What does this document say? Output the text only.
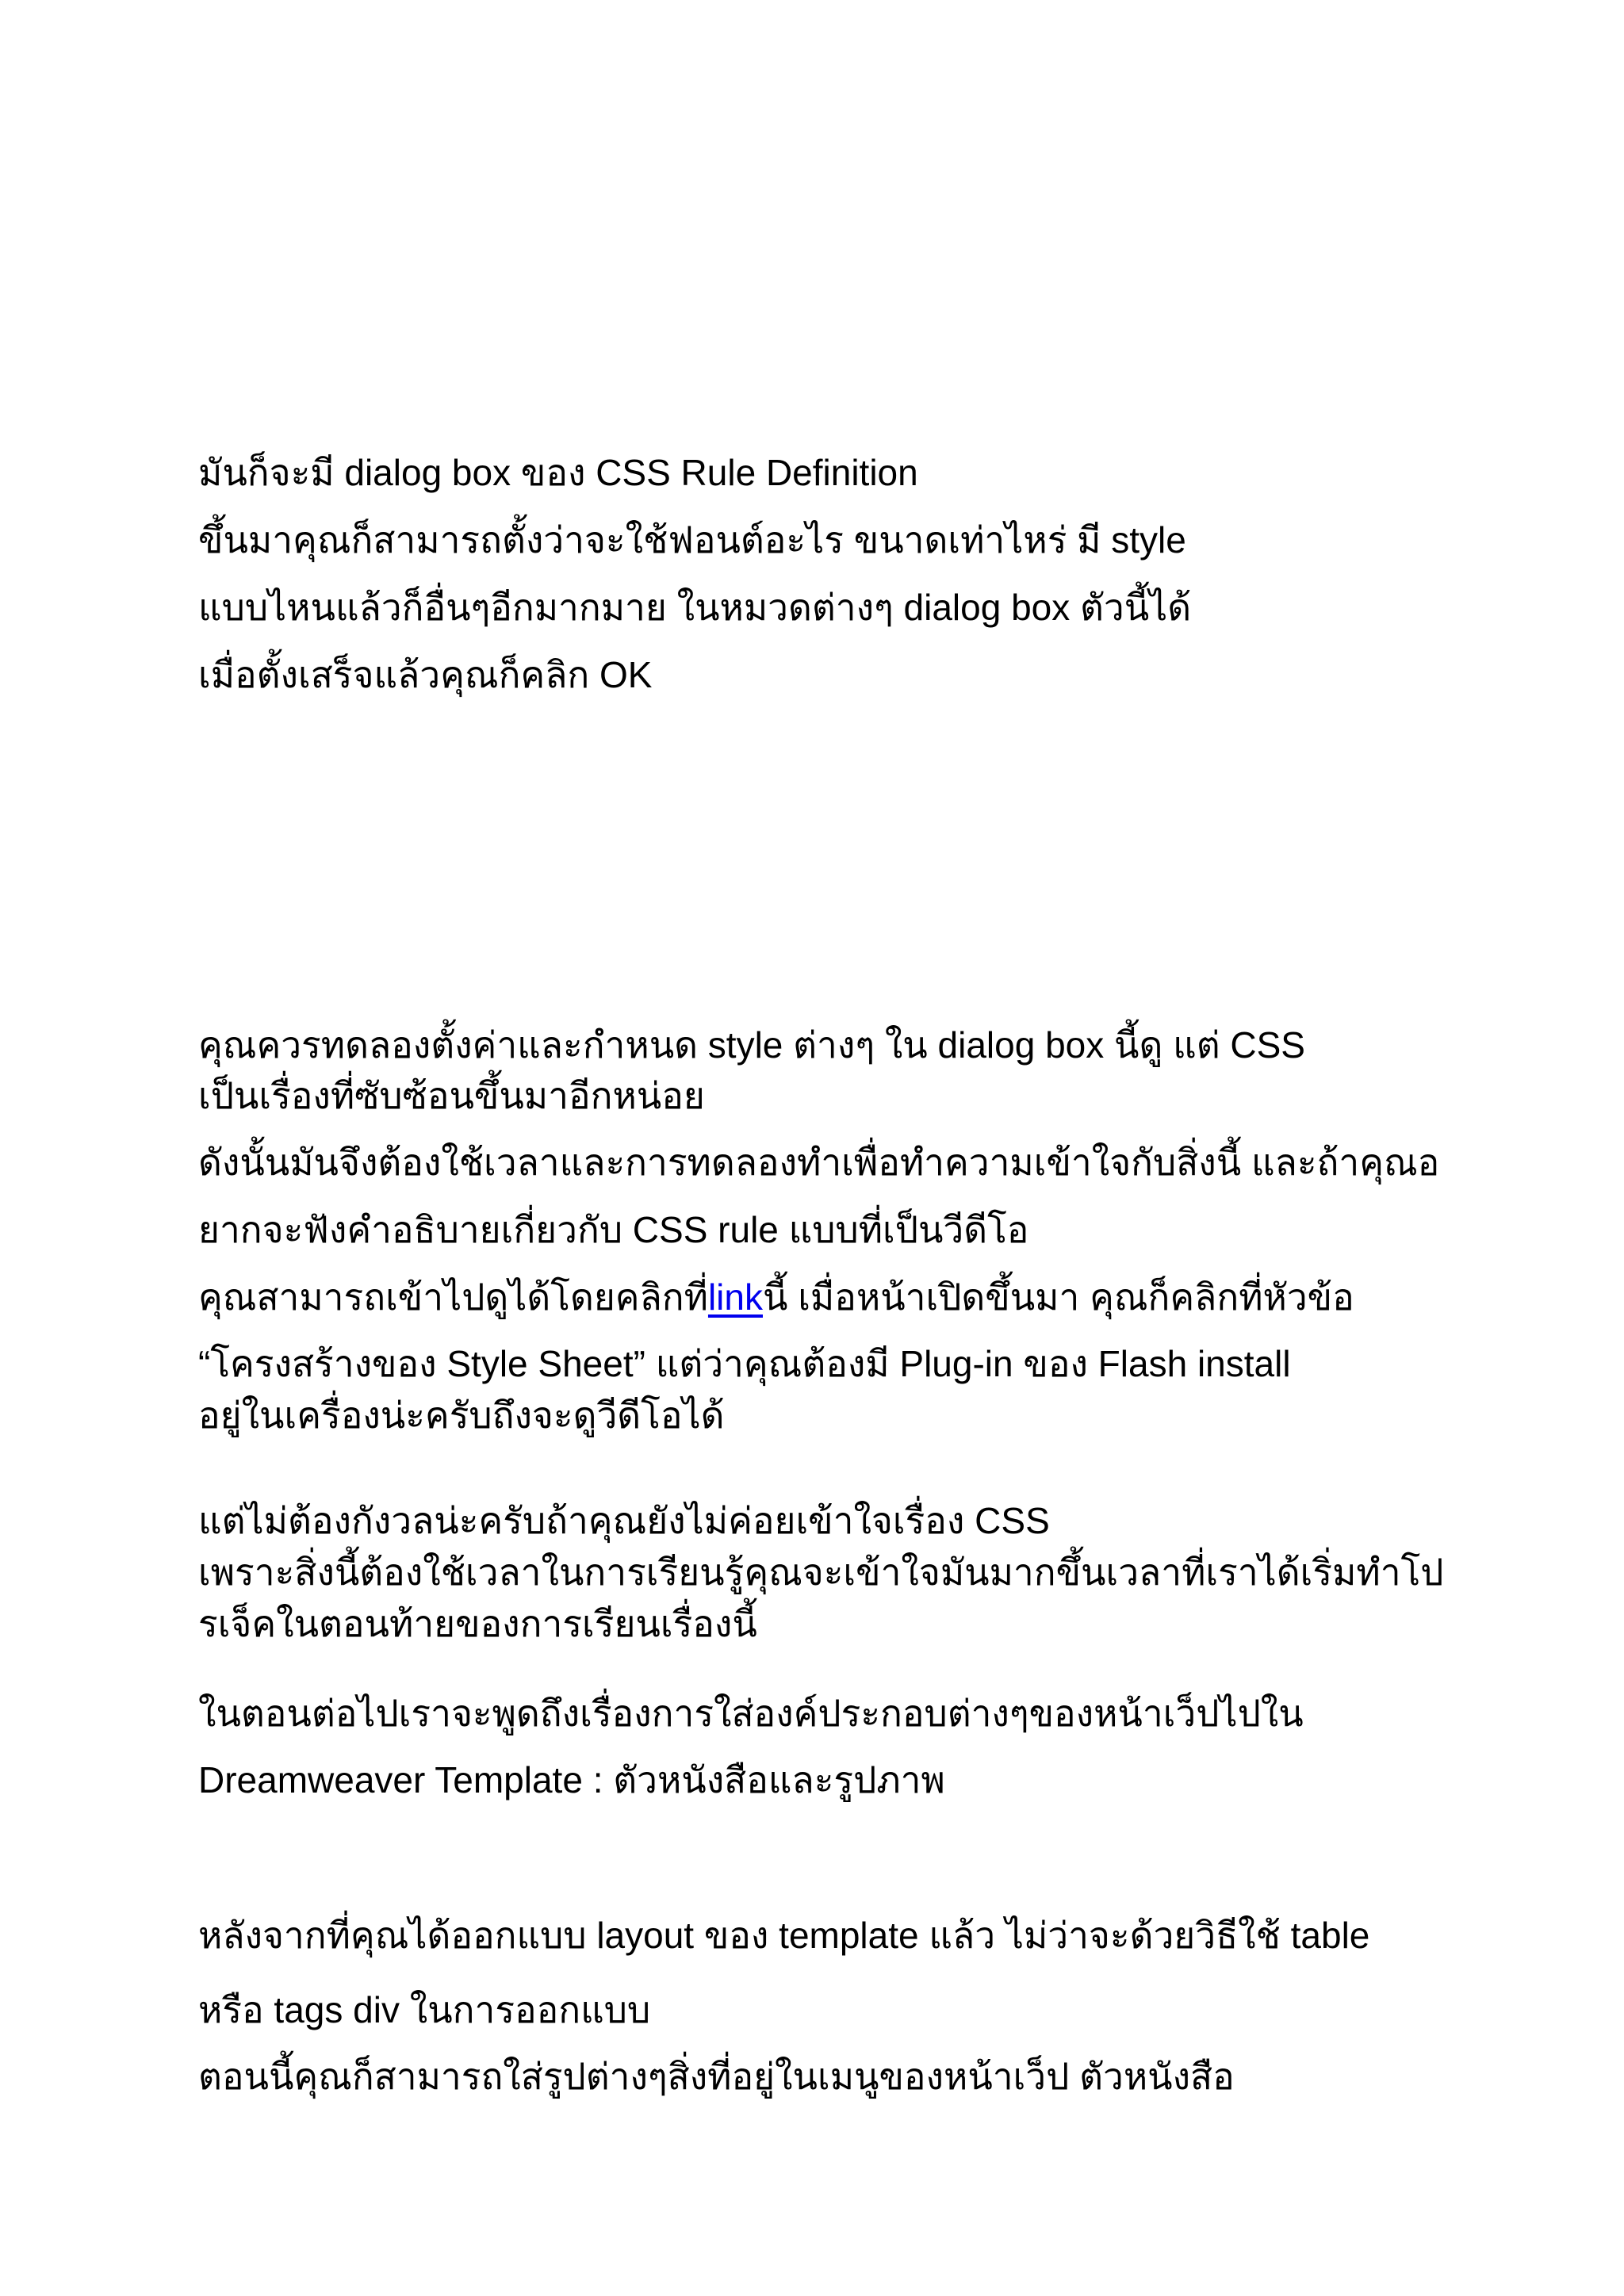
มันก็จะมี dialog box ของ CSS Rule Definition
ขึ้นมาคุณก็สามารถตั้งว่าจะใช้ฟอนต์อะไร ขนาดเท่าไหร่ มี style
แบบไหนแล้วก็อื่นๆอีกมากมาย ในหมวดต่างๆ dialog box ตัวนี้ได้
เมื่อตั้งเสร็จแล้วคุณก็คลิก OK
คุณควรทดลองตั้งค่าและกำหนด style ต่างๆ ใน dialog box นี้ดู แต่ CSS
เป็นเรื่องที่ซับซ้อนขึ้นมาอีกหน่อย
ดังนั้นมันจึงต้องใช้เวลาและการทดลองทำเพื่อทำความเข้าใจกับสิ่งนี้ และถ้าคุณอ
ยากจะฟังคำอธิบายเกี่ยวกับ CSS rule แบบที่เป็นวีดีโอ
คุณสามารถเข้าไปดูได้โดยคลิกที่linkนี้ เมื่อหน้าเปิดขึ้นมา คุณก็คลิกที่หัวข้อ
“โครงสร้างของ Style Sheet” แต่ว่าคุณต้องมี Plug-in ของ Flash install
อยู่ในเครื่องน่ะครับถึงจะดูวีดีโอได้
แต่ไม่ต้องกังวลน่ะครับถ้าคุณยังไม่ค่อยเข้าใจเรื่อง CSS
เพราะสิ่งนี้ต้องใช้เวลาในการเรียนรู้คุณจะเข้าใจมันมากขึ้นเวลาที่เราได้เริ่มทำโป
รเจ็คในตอนท้ายของการเรียนเรื่องนี้
ในตอนต่อไปเราจะพูดถึงเรื่องการใส่องค์ประกอบต่างๆของหน้าเว็ปไปใน
Dreamweaver Template : ตัวหนังสือและรูปภาพ
หลังจากที่คุณได้ออกแบบ layout ของ template แล้ว ไม่ว่าจะด้วยวิธีใช้ table
หรือ tags div ในการออกแบบ
ตอนนี้คุณก็สามารถใส่รูปต่างๆสิ่งที่อยู่ในเมนูของหน้าเว็ป ตัวหนังสือ
